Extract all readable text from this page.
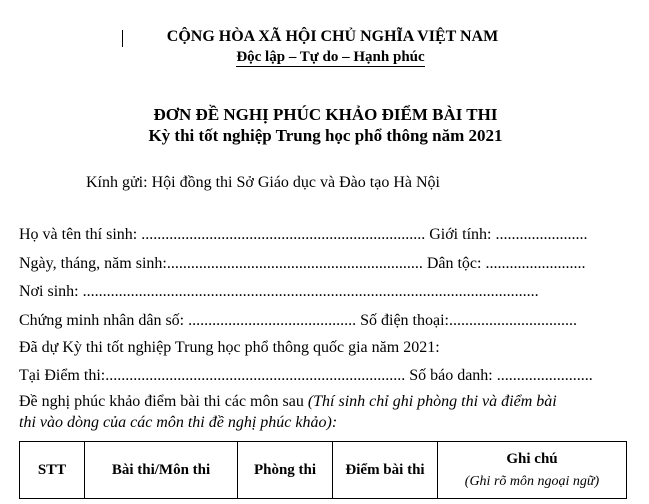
CỘNG HÒA XÃ HỘI CHỦ NGHĨA VIỆT NAM
Độc lập – Tự do – Hạnh phúc
ĐƠN ĐỀ NGHỊ PHÚC KHẢO ĐIỂM BÀI THI
Kỳ thi tốt nghiệp Trung học phổ thông năm 2021
Kính gửi: Hội đồng thi Sở Giáo dục và Đào tạo Hà Nội
Họ và tên thí sinh: ....................................................................... Giới tính: .......................
Ngày, tháng, năm sinh:................................................................ Dân tộc: .........................
Nơi sinh: ..................................................................................................................
Chứng minh nhân dân số: .......................................... Số điện thoại:................................
Đã dự Kỳ thi tốt nghiệp Trung học phổ thông quốc gia năm 2021:
Tại Điểm thi:........................................................................... Số báo danh: ........................
Đề nghị phúc khảo điểm bài thi các môn sau (Thí sinh chỉ ghi phòng thi và điểm bài
thi vào dòng của các môn thi đề nghị phúc khảo):
STT	Bài thi/Môn thi	Phòng thi	Điểm bài thi	Ghi chú
(Ghi rõ môn ngoại ngữ)
